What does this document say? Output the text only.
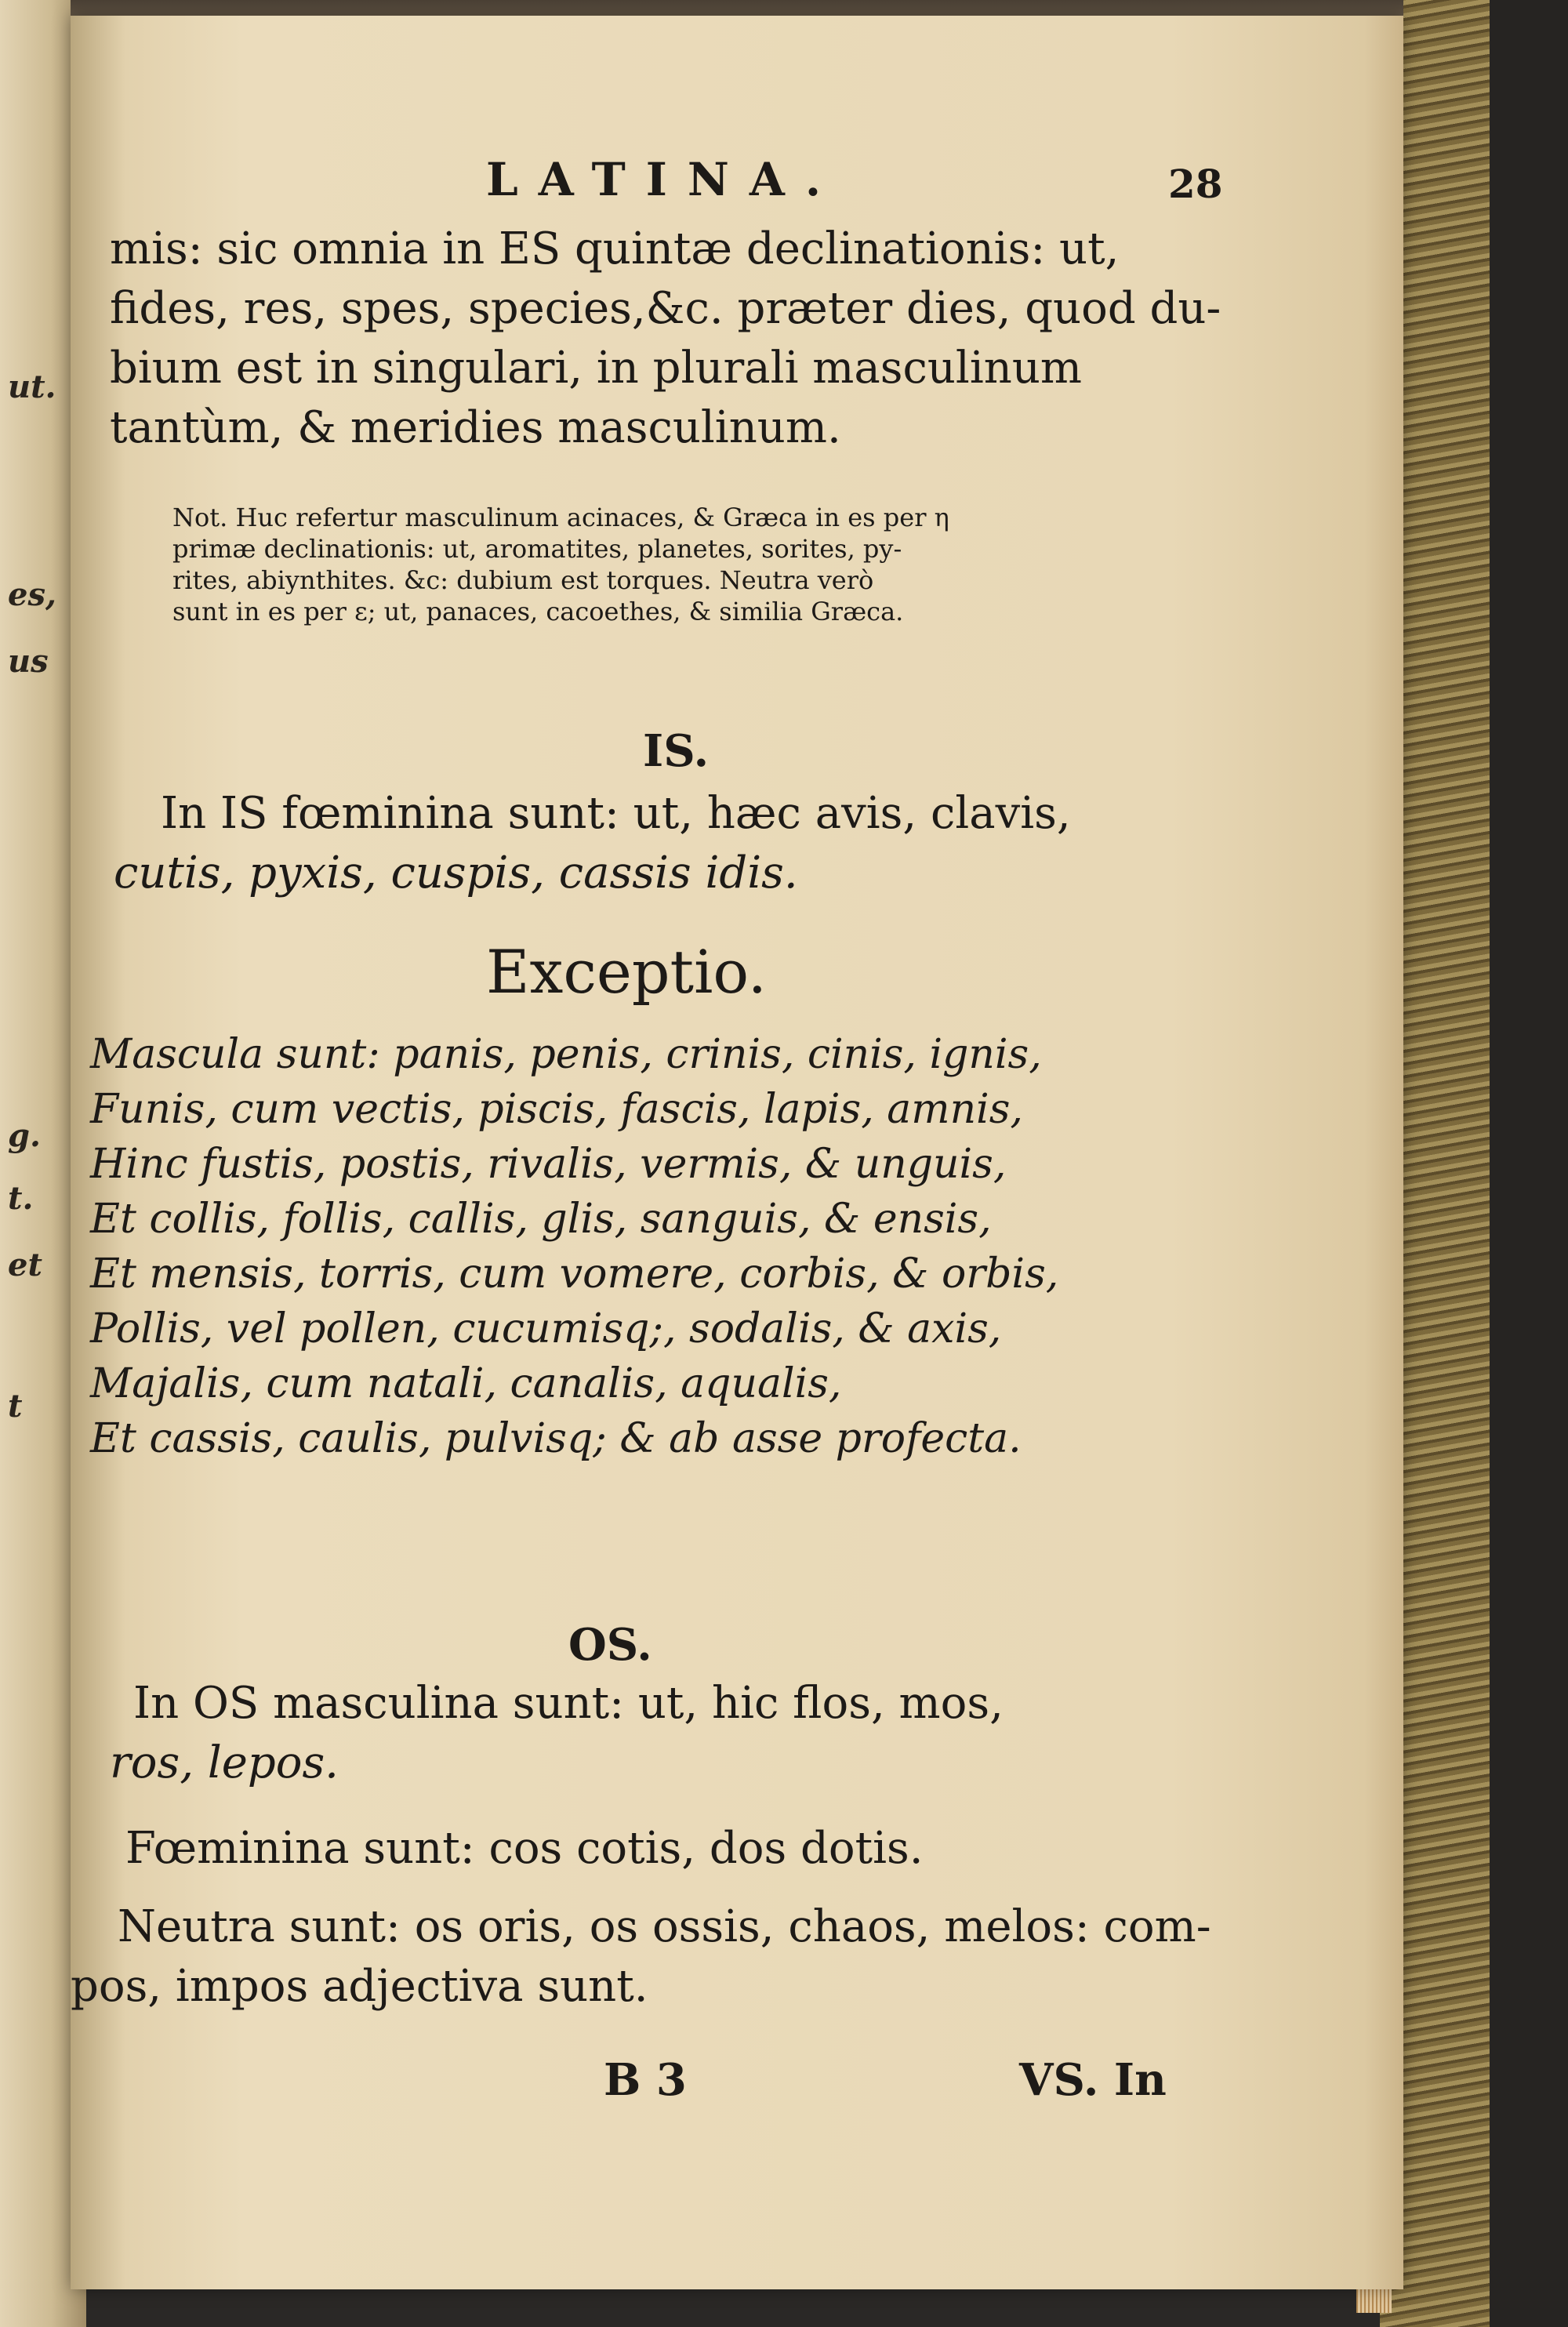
ut.
es,
us
g.
t.
et
t
LATINA.	28
mis: sic omnia in ES quintæ declinationis: ut,
fides, res, spes, species,&c. præter dies, quod du-
bium est in singulari, in plurali masculinum
tantùm, & meridies masculinum.
Not. Huc refertur masculinum acinaces, & Græca in es per η
primæ declinationis: ut, aromatites, planetes, sorites, py-
rites, abiynthites. &c: dubium est torques. Neutra verò
sunt in es per ε; ut, panaces, cacoethes, & similia Græca.
IS.
In IS fœminina sunt: ut, hæc avis, clavis,
cutis, pyxis, cuspis, cassis idis.
Exceptio.
Mascula sunt: panis, penis, crinis, cinis, ignis,
Funis, cum vectis, piscis, fascis, lapis, amnis,
Hinc fustis, postis, rivalis, vermis, & unguis,
Et collis, follis, callis, glis, sanguis, & ensis,
Et mensis, torris, cum vomere, corbis, & orbis,
Pollis, vel pollen, cucumisq;, sodalis, & axis,
Majalis, cum natali, canalis, aqualis,
Et cassis, caulis, pulvisq; & ab asse profecta.
OS.
In OS masculina sunt: ut, hic flos, mos,
ros, lepos.
Fœminina sunt: cos cotis, dos dotis.
Neutra sunt: os oris, os ossis, chaos, melos: com-
pos, impos adjectiva sunt.
B 3	VS. In
